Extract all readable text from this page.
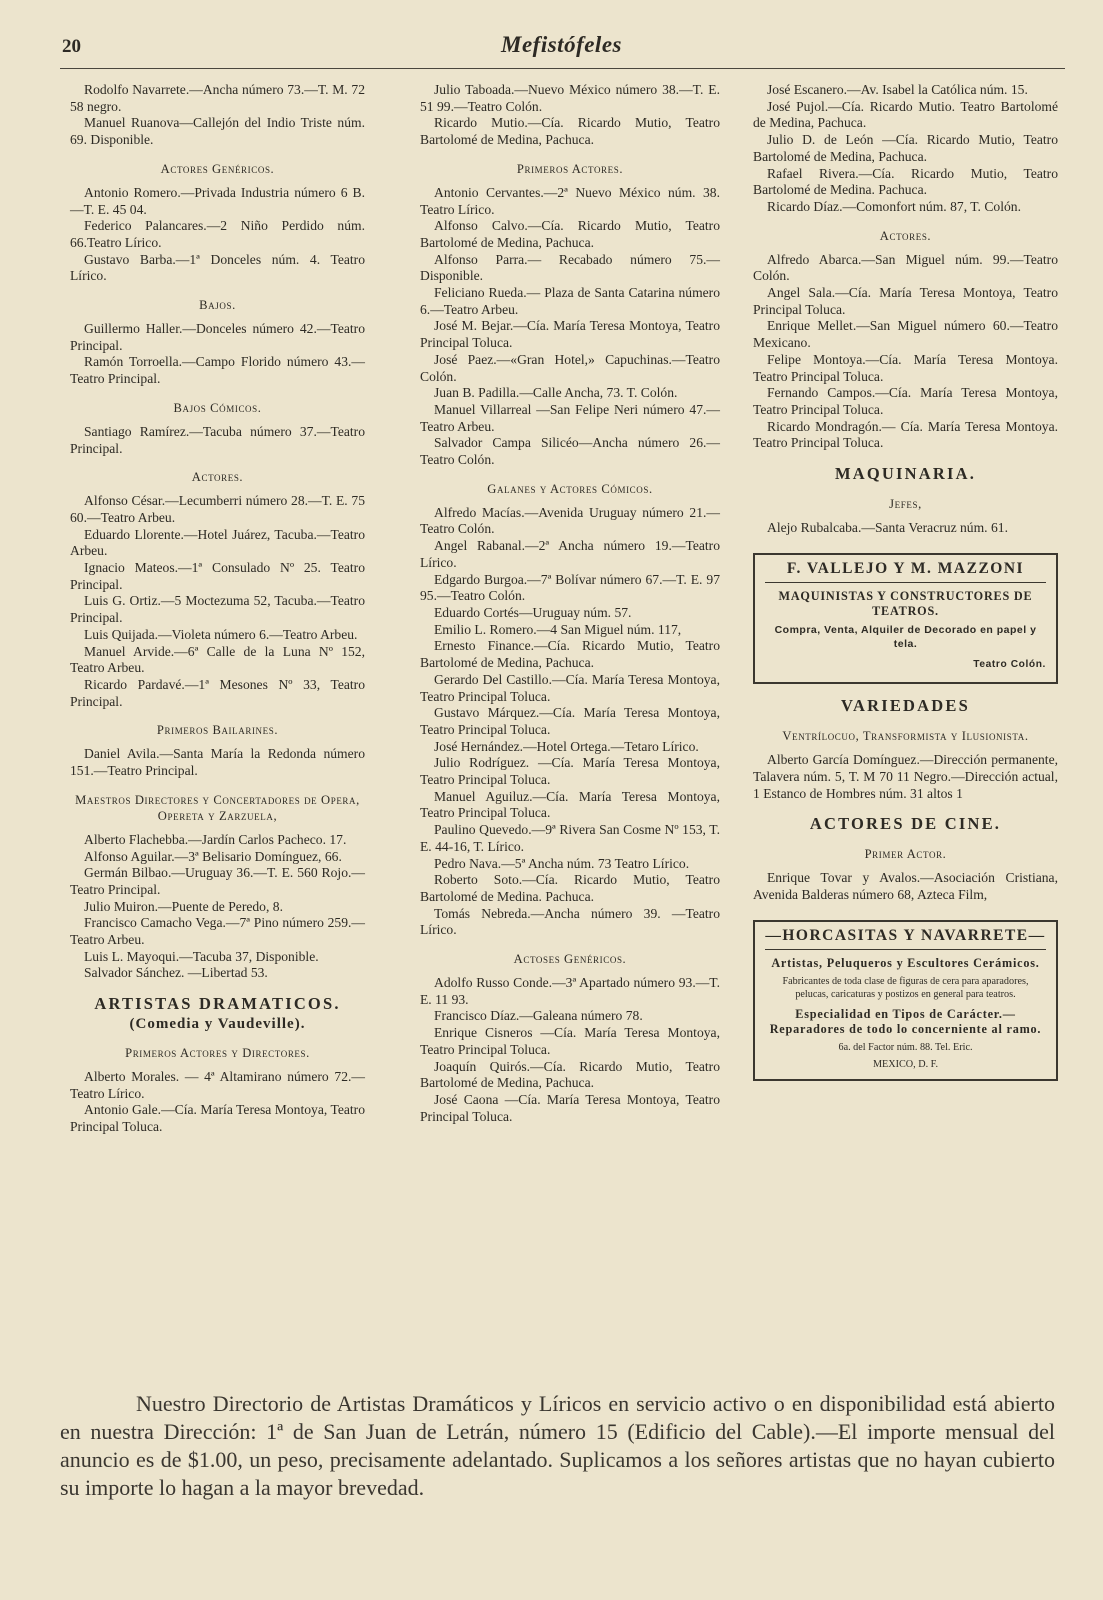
20	Mefistófeles

Rodolfo Navarrete.—Ancha número 73.—T. M. 72 58 negro.

Manuel Ruanova—Callejón del Indio Triste núm. 69. Disponible.

Actores Genéricos.

Antonio Romero.—Privada Industria número 6 B.—T. E. 45 04.

Federico Palancares.—2 Niño Perdido núm. 66.Teatro Lírico.

Gustavo Barba.—1ª Donceles núm. 4. Teatro Lírico.

Bajos.

Guillermo Haller.—Donceles número 42.—Teatro Principal.

Ramón Torroella.—Campo Florido número 43.—Teatro Principal.

Bajos Cómicos.

Santiago Ramírez.—Tacuba número 37.—Teatro Principal.

Actores.

Alfonso César.—Lecumberri número 28.—T. E. 75 60.—Teatro Arbeu.

Eduardo Llorente.—Hotel Juárez, Tacuba.—Teatro Arbeu.

Ignacio Mateos.—1ª Consulado Nº 25. Teatro Principal.

Luis G. Ortiz.—5 Moctezuma 52, Tacuba.—Teatro Principal.

Luis Quijada.—Violeta número 6.—Teatro Arbeu.

Manuel Arvide.—6ª Calle de la Luna Nº 152, Teatro Arbeu.

Ricardo Pardavé.—1ª Mesones Nº 33, Teatro Principal.

Primeros Bailarines.

Daniel Avila.—Santa María la Redonda número 151.—Teatro Principal.

Maestros Directores y Concertadores de Opera, Opereta y Zarzuela,

Alberto Flachebba.—Jardín Carlos Pacheco. 17.

Alfonso Aguilar.—3ª Belisario Domínguez, 66.

Germán Bilbao.—Uruguay 36.—T. E. 560 Rojo.—Teatro Principal.

Julio Muiron.—Puente de Peredo, 8.

Francisco Camacho Vega.—7ª Pino número 259.—Teatro Arbeu.

Luis L. Mayoqui.—Tacuba 37, Disponible.

Salvador Sánchez. —Libertad 53.

ARTISTAS DRAMATICOS.
(Comedia y Vaudeville).
Primeros Actores y Directores.

Alberto Morales. — 4ª Altamirano número 72.—Teatro Lírico.

Antonio Gale.—Cía. María Teresa Montoya, Teatro Principal Toluca.

Julio Taboada.—Nuevo México número 38.—T. E. 51 99.—Teatro Colón.

Ricardo Mutio.—Cía. Ricardo Mutio, Teatro Bartolomé de Medina, Pachuca.

Primeros Actores.

Antonio Cervantes.—2ª Nuevo México núm. 38. Teatro Lírico.

Alfonso Calvo.—Cía. Ricardo Mutio, Teatro Bartolomé de Medina, Pachuca.

Alfonso Parra.— Recabado número 75.—Disponible.

Feliciano Rueda.— Plaza de Santa Catarina número 6.—Teatro Arbeu.

José M. Bejar.—Cía. María Teresa Montoya, Teatro Principal Toluca.

José Paez.—«Gran Hotel,» Capuchinas.—Teatro Colón.

Juan B. Padilla.—Calle Ancha, 73. T. Colón.

Manuel Villarreal —San Felipe Neri número 47.—Teatro Arbeu.

Salvador Campa Silicéo—Ancha número 26.—Teatro Colón.

Galanes y Actores Cómicos.

Alfredo Macías.—Avenida Uruguay número 21.—Teatro Colón.

Angel Rabanal.—2ª Ancha número 19.—Teatro Lírico.

Edgardo Burgoa.—7ª Bolívar número 67.—T. E. 97 95.—Teatro Colón.

Eduardo Cortés—Uruguay núm. 57.

Emilio L. Romero.—4 San Miguel núm. 117,

Ernesto Finance.—Cía. Ricardo Mutio, Teatro Bartolomé de Medina, Pachuca.

Gerardo Del Castillo.—Cía. María Teresa Montoya, Teatro Principal Toluca.

Gustavo Márquez.—Cía. María Teresa Montoya, Teatro Principal Toluca.

José Hernández.—Hotel Ortega.—Tetaro Lírico.

Julio Rodríguez. —Cía. María Teresa Montoya, Teatro Principal Toluca.

Manuel Aguiluz.—Cía. María Teresa Montoya, Teatro Principal Toluca.

Paulino Quevedo.—9ª Rivera San Cosme Nº 153, T. E. 44-16, T. Lírico.

Pedro Nava.—5ª Ancha núm. 73 Teatro Lírico.

Roberto Soto.—Cía. Ricardo Mutio, Teatro Bartolomé de Medina. Pachuca.

Tomás Nebreda.—Ancha número 39. —Teatro Lírico.

Actoses Genéricos.

Adolfo Russo Conde.—3ª Apartado número 93.—T. E. 11 93.

Francisco Díaz.—Galeana número 78.

Enrique Cisneros —Cía. María Teresa Montoya, Teatro Principal Toluca.

Joaquín Quirós.—Cía. Ricardo Mutio, Teatro Bartolomé de Medina, Pachuca.

José Caona —Cía. María Teresa Montoya, Teatro Principal Toluca.

José Escanero.—Av. Isabel la Católica núm. 15.

José Pujol.—Cía. Ricardo Mutio. Teatro Bartolomé de Medina, Pachuca.

Julio D. de León —Cía. Ricardo Mutio, Teatro Bartolomé de Medina, Pachuca.

Rafael Rivera.—Cía. Ricardo Mutio, Teatro Bartolomé de Medina. Pachuca.

Ricardo Díaz.—Comonfort núm. 87, T. Colón.

Actores.

Alfredo Abarca.—San Miguel núm. 99.—Teatro Colón.

Angel Sala.—Cía. María Teresa Montoya, Teatro Principal Toluca.

Enrique Mellet.—San Miguel número 60.—Teatro Mexicano.

Felipe Montoya.—Cía. María Teresa Montoya. Teatro Principal Toluca.

Fernando Campos.—Cía. María Teresa Montoya, Teatro Principal Toluca.

Ricardo Mondragón.— Cía. María Teresa Montoya. Teatro Principal Toluca.

MAQUINARIA.
Jefes,

Alejo Rubalcaba.—Santa Veracruz núm. 61.

F. VALLEJO Y M. MAZZONI
MAQUINISTAS Y CONSTRUCTORES DE TEATROS.
Compra, Venta, Alquiler de Decorado en papel y tela.
Teatro Colón.
VARIEDADES
Ventrílocuo, Transformista y Ilusionista.

Alberto García Domínguez.—Dirección permanente, Talavera núm. 5, T. M 70 11 Negro.—Dirección actual, 1 Estanco de Hombres núm. 31 altos 1

ACTORES DE CINE.
Primer Actor.

Enrique Tovar y Avalos.—Asociación Cristiana, Avenida Balderas número 68, Azteca Film,

—HORCASITAS Y NAVARRETE—
Artistas, Peluqueros y Escultores Cerámicos.
Fabricantes de toda clase de figuras de cera para aparadores, pelucas, caricaturas y postizos en general para teatros.
Especialidad en Tipos de Carácter.—Reparadores de todo lo concerniente al ramo.
6a. del Factor núm. 88. Tel. Eric.
MEXICO, D. F.
Nuestro Directorio de Artistas Dramáticos y Líricos en servicio activo o en disponibilidad está abierto en nuestra Dirección: 1ª de San Juan de Letrán, número 15 (Edificio del Cable).—El importe mensual del anuncio es de $1.00, un peso, precisamente adelantado. Suplicamos a los señores artistas que no hayan cubierto su importe lo hagan a la mayor brevedad.
